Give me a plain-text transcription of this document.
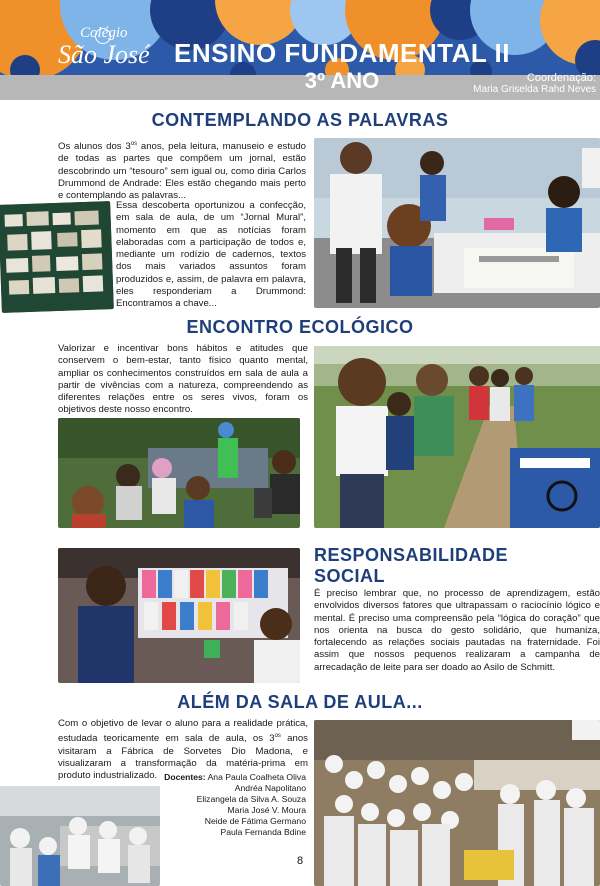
Colégio
São José ENSINO FUNDAMENTAL II
3º ANO	Coordenação:
Maria Griselda Rahd Neves
CONTEMPLANDO AS PALAVRAS
Os alunos dos $3^{os}$ anos, pela leitura, manuseio e estudo de todas as partes que compõem um jornal, estão descobrindo um “tesouro” sem igual ou, como diria Carlos Drummond de Andrade: Eles estão chegando mais perto e contemplando as palavras...
Essa descoberta oportunizou a confecção, em sala de aula, de um “Jornal Mural”, momento em que as notícias foram elaboradas com a participação de todos e, mediante um rodízio de cadernos, textos dos mais variados assuntos foram produzidos e, assim, de palavra em palavra, eles responderiam a Drummond: Encontramos a chave...
ENCONTRO ECOLÓGICO
Valorizar e incentivar bons hábitos e atitudes que conservem o bem-estar, tanto físico quanto mental, ampliar os conhecimentos construídos em sala de aula a partir de vivências com a natureza, compreendendo as diferentes relações entre os seres vivos, foram os objetivos deste nosso encontro.
RESPONSABILIDADE
SOCIAL
É preciso lembrar que, no processo de aprendizagem, estão envolvidos diversos fatores que ultrapassam o raciocínio lógico e mental. É preciso uma compreensão pela “lógica do coração” que nos orienta na busca do gesto solidário, que humaniza, fortalecendo as relações sociais pautadas na fraternidade. Foi assim que nossos pequenos realizaram a campanha de arrecadação de leite para ser doado ao Asilo de Schmitt.
ALÉM DA SALA DE AULA...
Com o objetivo de levar o aluno para a realidade prática, estudada teoricamente em sala de aula, os $3^{os}$ anos visitaram a Fábrica de Sorvetes Dio Madona, e visualizaram a transformação da matéria-prima em produto industrializado. Docentes: Ana Paula Coalheta Oliva
Andréa Napolitano
Elizangela da Silva A. Souza
Maria José V. Moura
Neide de Fátima Germano
Paula Fernanda Bdine
8
